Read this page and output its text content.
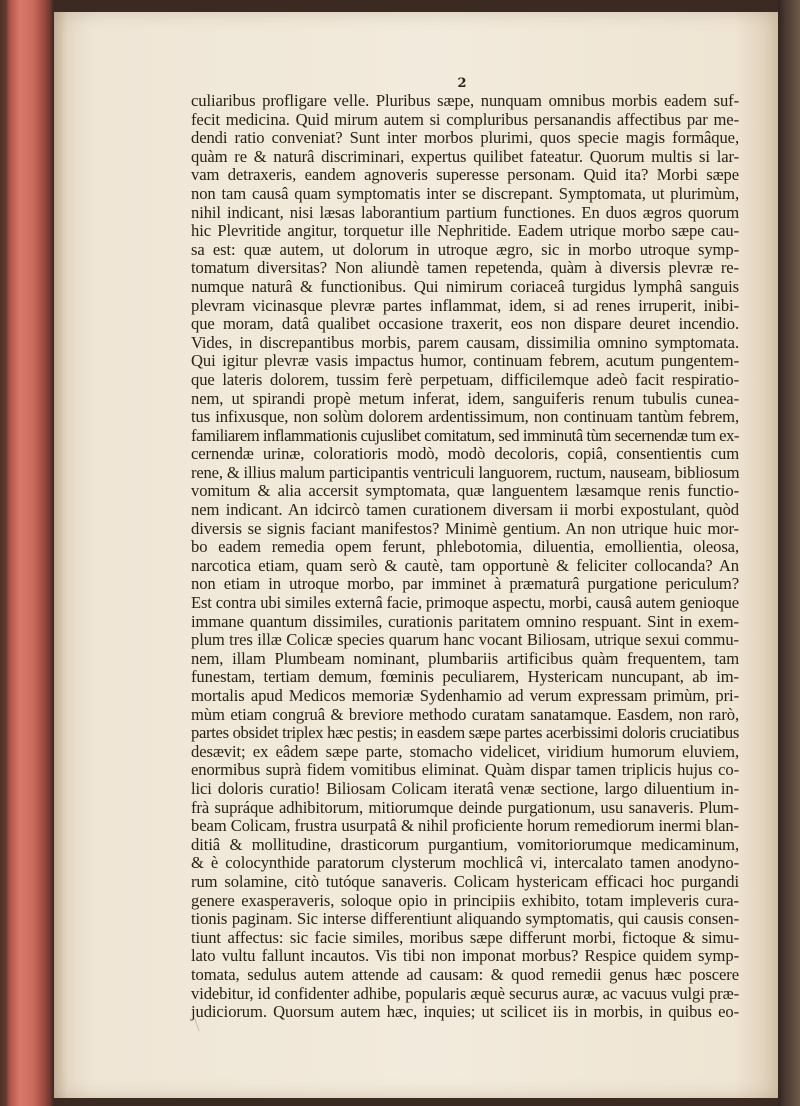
2
culiaribus profligare velle. Pluribus sæpe, nunquam omnibus morbis eadem suf-
fecit medicina. Quid mirum autem si compluribus persanandis affectibus par me-
dendi ratio conveniat? Sunt inter morbos plurimi, quos specie magis formâque,
quàm re & naturâ discriminari, expertus quilibet fateatur. Quorum multis si lar-
vam detraxeris, eandem agnoveris superesse personam. Quid ita? Morbi sæpe
non tam causâ quam symptomatis inter se discrepant. Symptomata, ut plurimùm,
nihil indicant, nisi læsas laborantium partium functiones. En duos ægros quorum
hic Plevritide angitur, torquetur ille Nephritide. Eadem utrique morbo sæpe cau-
sa est: quæ autem, ut dolorum in utroque ægro, sic in morbo utroque symp-
tomatum diversitas? Non aliundè tamen repetenda, quàm à diversis plevræ re-
numque naturâ & functionibus. Qui nimirum coriaceâ turgidus lymphâ sanguis
plevram vicinasque plevræ partes inflammat, idem, si ad renes irruperit, inibi-
que moram, datâ qualibet occasione traxerit, eos non dispare deuret incendio.
Vides, in discrepantibus morbis, parem causam, dissimilia omnino symptomata.
Qui igitur plevræ vasis impactus humor, continuam febrem, acutum pungentem-
que lateris dolorem, tussim ferè perpetuam, difficilemque adeò facit respiratio-
nem, ut spirandi propè metum inferat, idem, sanguiferis renum tubulis cunea-
tus infixusque, non solùm dolorem ardentissimum, non continuam tantùm febrem,
familiarem inflammationis cujuslibet comitatum, sed imminutâ tùm secernendæ tum ex-
cernendæ urinæ, coloratioris modò, modò decoloris, copiâ, consentientis cum
rene, & illius malum participantis ventriculi languorem, ructum, nauseam, bibliosum
vomitum & alia accersit symptomata, quæ languentem læsamque renis functio-
nem indicant. An idcircò tamen curationem diversam ii morbi expostulant, quòd
diversis se signis faciant manifestos? Minimè gentium. An non utrique huic mor-
bo eadem remedia opem ferunt, phlebotomia, diluentia, emollientia, oleosa,
narcotica etiam, quam serò & cautè, tam opportunè & feliciter collocanda? An
non etiam in utroque morbo, par imminet à præmaturâ purgatione periculum?
Est contra ubi similes externâ facie, primoque aspectu, morbi, causâ autem genioque
immane quantum dissimiles, curationis paritatem omnino respuant. Sint in exem-
plum tres illæ Colicæ species quarum hanc vocant Biliosam, utrique sexui commu-
nem, illam Plumbeam nominant, plumbariis artificibus quàm frequentem, tam
funestam, tertiam demum, fœminis peculiarem, Hystericam nuncupant, ab im-
mortalis apud Medicos memoriæ Sydenhamio ad verum expressam primùm, pri-
mùm etiam congruâ & breviore methodo curatam sanatamque. Easdem, non rarò,
partes obsidet triplex hæc pestis; in easdem sæpe partes acerbissimi doloris cruciatibus
desævit; ex eâdem sæpe parte, stomacho videlicet, viridium humorum eluviem,
enormibus suprà fidem vomitibus eliminat. Quàm dispar tamen triplicis hujus co-
lici doloris curatio! Biliosam Colicam iteratâ venæ sectione, largo diluentium in-
frà supráque adhibitorum, mitiorumque deinde purgationum, usu sanaveris. Plum-
beam Colicam, frustra usurpatâ & nihil proficiente horum remediorum inermi blan-
ditiâ & mollitudine, drasticorum purgantium, vomitoriorumque medicaminum,
& è colocynthide paratorum clysterum mochlicâ vi, intercalato tamen anodyno-
rum solamine, citò tutóque sanaveris. Colicam hystericam efficaci hoc purgandi
genere exasperaveris, soloque opio in principiis exhibito, totam impleveris cura-
tionis paginam. Sic interse differentiunt aliquando symptomatis, qui causis consen-
tiunt affectus: sic facie similes, moribus sæpe differunt morbi, fictoque & simu-
lato vultu fallunt incautos. Vis tibi non imponat morbus? Respice quidem symp-
tomata, sedulus autem attende ad causam: & quod remedii genus hæc poscere
videbitur, id confidenter adhibe, popularis æquè securus auræ, ac vacuus vulgi præ-
judiciorum. Quorsum autem hæc, inquies; ut scilicet iis in morbis, in quibus eo-
